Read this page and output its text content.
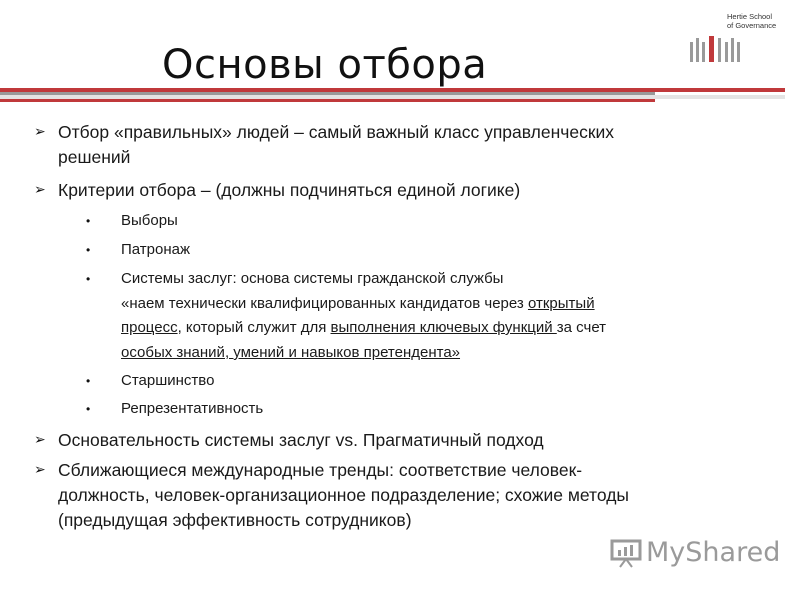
Hertie School
of Governance
Основы отбора
➢ Отбор «правильных» людей – самый важный класс управленческих
решений
➢ Критерии отбора – (должны подчиняться единой логике)
• Выборы
• Патронаж
• Системы заслуг: основа системы гражданской службы
«наем технически квалифицированных кандидатов через открытый
процесс, который служит для выполнения ключевых функций за счет
особых знаний, умений и навыков претендента»
• Старшинство
• Репрезентативность
➢ Основательность системы заслуг vs. Прагматичный подход
➢ Сближающиеся международные тренды: соответствие человек-
должность, человек-организационное подразделение; схожие методы
(предыдущая эффективность сотрудников)
MyShared
